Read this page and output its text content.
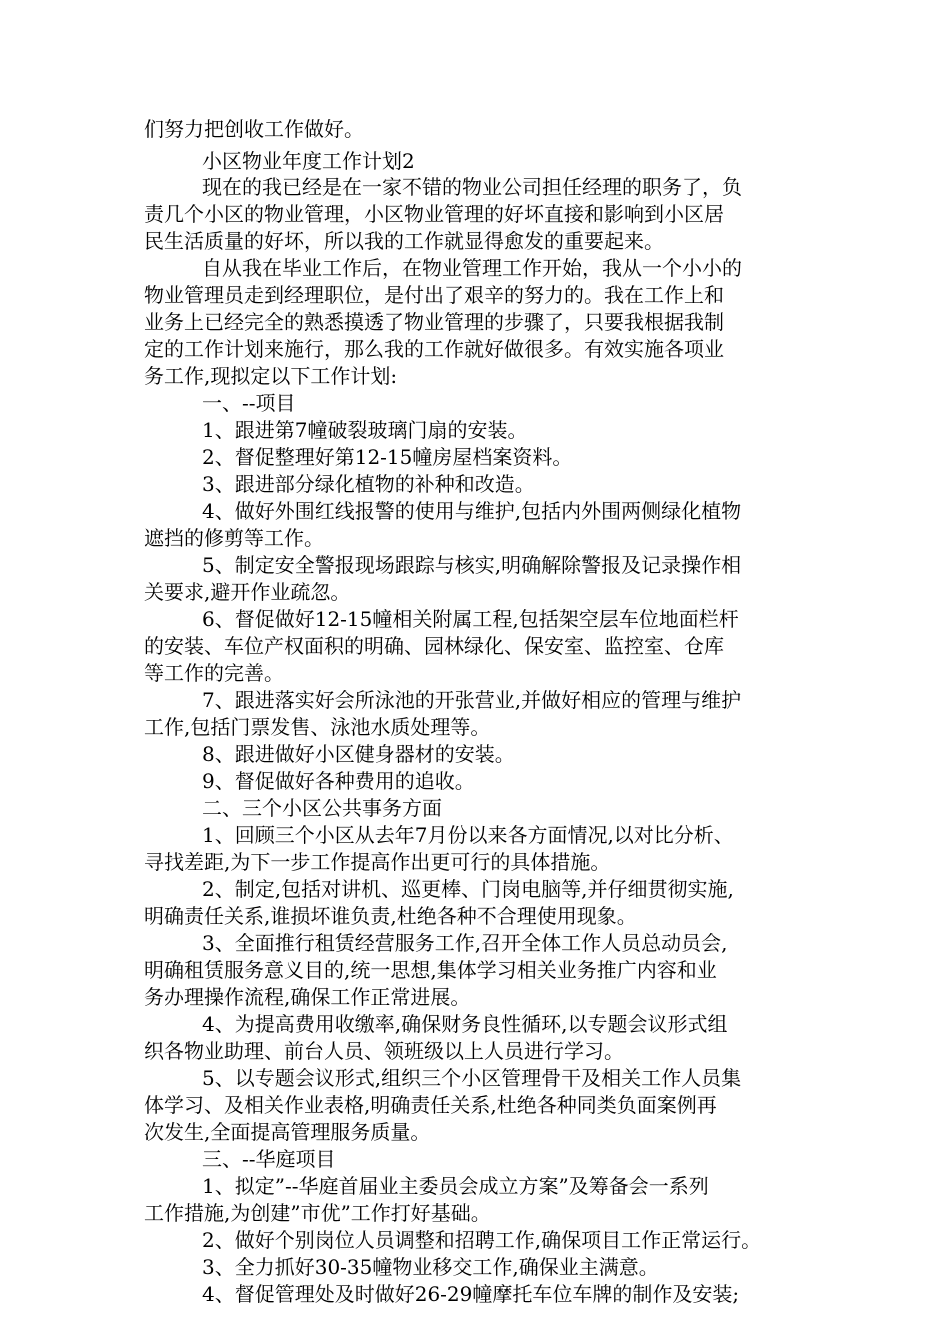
们努力把创收工作做好。
小区物业年度工作计划2
现在的我已经是在一家不错的物业公司担任经理的职务了，负
责几个小区的物业管理，小区物业管理的好坏直接和影响到小区居
民生活质量的好坏，所以我的工作就显得愈发的重要起来。
自从我在毕业工作后，在物业管理工作开始，我从一个小小的
物业管理员走到经理职位，是付出了艰辛的努力的。我在工作上和
业务上已经完全的熟悉摸透了物业管理的步骤了，只要我根据我制
定的工作计划来施行，那么我的工作就好做很多。有效实施各项业
务工作,现拟定以下工作计划:
一、--项目
1、跟进第7幢破裂玻璃门扇的安装。
2、督促整理好第12-15幢房屋档案资料。
3、跟进部分绿化植物的补种和改造。
4、做好外围红线报警的使用与维护,包括内外围两侧绿化植物
遮挡的修剪等工作。
5、制定安全警报现场跟踪与核实,明确解除警报及记录操作相
关要求,避开作业疏忽。
6、督促做好12-15幢相关附属工程,包括架空层车位地面栏杆
的安装、车位产权面积的明确、园林绿化、保安室、监控室、仓库
等工作的完善。
7、跟进落实好会所泳池的开张营业,并做好相应的管理与维护
工作,包括门票发售、泳池水质处理等。
8、跟进做好小区健身器材的安装。
9、督促做好各种费用的追收。
二、三个小区公共事务方面
1、回顾三个小区从去年7月份以来各方面情况,以对比分析、
寻找差距,为下一步工作提高作出更可行的具体措施。
2、制定,包括对讲机、巡更棒、门岗电脑等,并仔细贯彻实施,
明确责任关系,谁损坏谁负责,杜绝各种不合理使用现象。
3、全面推行租赁经营服务工作,召开全体工作人员总动员会,
明确租赁服务意义目的,统一思想,集体学习相关业务推广内容和业
务办理操作流程,确保工作正常进展。
4、为提高费用收缴率,确保财务良性循环,以专题会议形式组
织各物业助理、前台人员、领班级以上人员进行学习。
5、以专题会议形式,组织三个小区管理骨干及相关工作人员集
体学习、及相关作业表格,明确责任关系,杜绝各种同类负面案例再
次发生,全面提高管理服务质量。
三、--华庭项目
1、拟定”--华庭首届业主委员会成立方案”及筹备会一系列
工作措施,为创建”市优”工作打好基础。
2、做好个别岗位人员调整和招聘工作,确保项目工作正常运行。
3、全力抓好30-35幢物业移交工作,确保业主满意。
4、督促管理处及时做好26-29幢摩托车位车牌的制作及安装;
